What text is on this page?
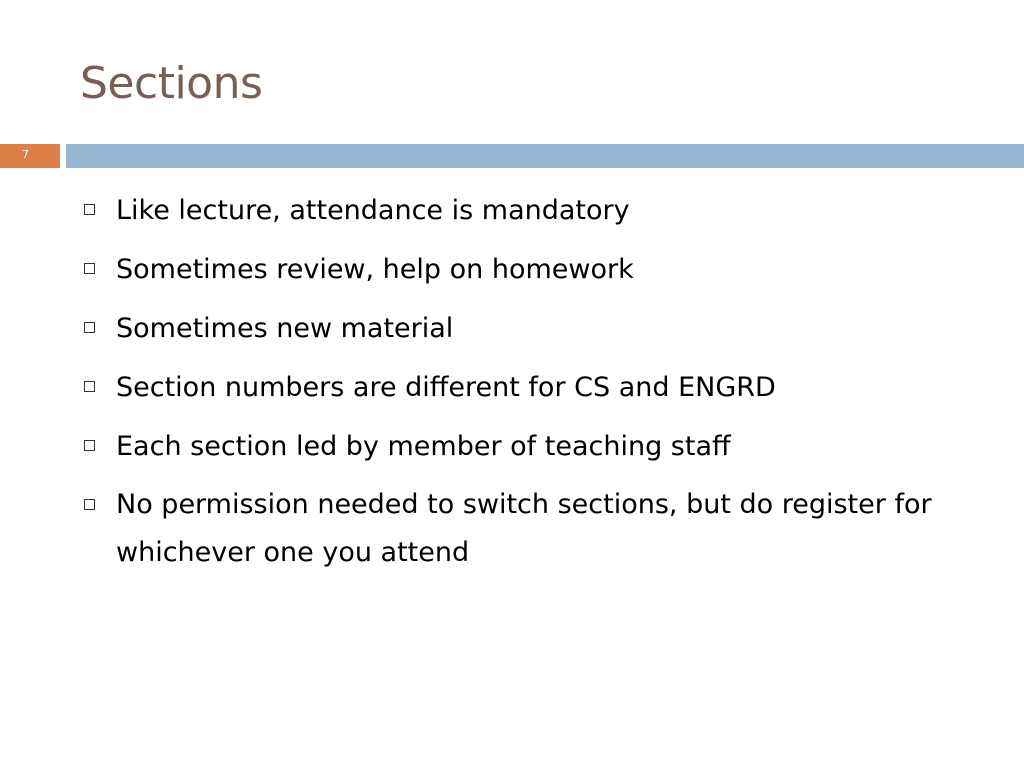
Sections
7
Like lecture, attendance is mandatory
Sometimes review, help on homework
Sometimes new material
Section numbers are different for CS and ENGRD
Each section led by member of teaching staff
No permission needed to switch sections, but do register for whichever one you attend
